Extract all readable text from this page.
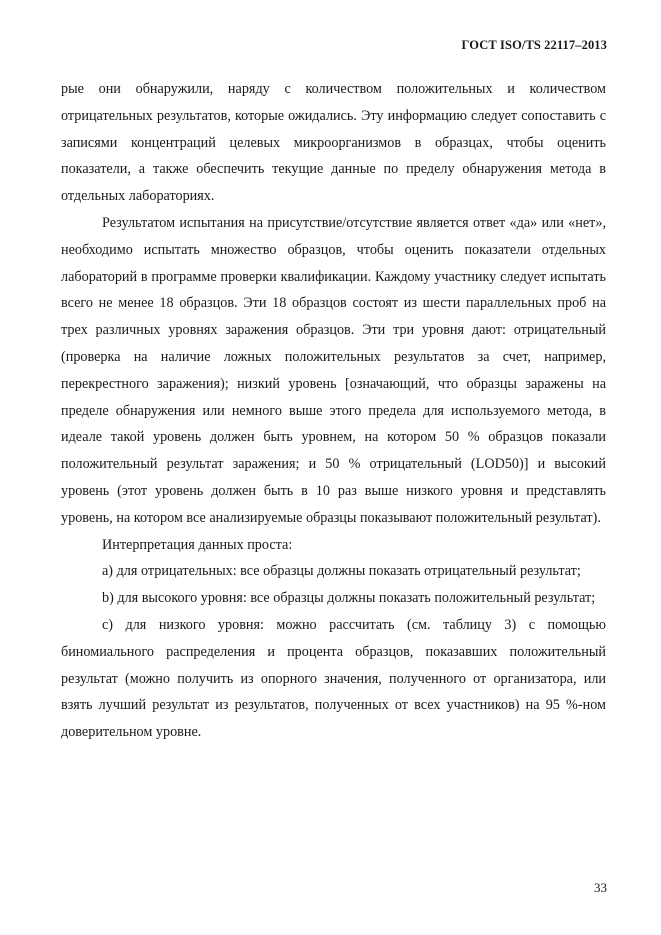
ГОСТ ISO/TS 22117–2013

рые они обнаружили, наряду с количеством положительных и количеством отрицательных результатов, которые ожидались. Эту информацию следует сопоставить с записями концентраций целевых микроорганизмов в образцах, чтобы оценить показатели, а также обеспечить текущие данные по пределу обнаружения метода в отдельных лабораториях.

Результатом испытания на присутствие/отсутствие является ответ «да» или «нет», необходимо испытать множество образцов, чтобы оценить показатели отдельных лабораторий в программе проверки квалификации. Каждому участнику следует испытать всего не менее 18 образцов. Эти 18 образцов состоят из шести параллельных проб на трех различных уровнях заражения образцов. Эти три уровня дают: отрицательный (проверка на наличие ложных положительных результатов за счет, например, перекрестного заражения); низкий уровень [означающий, что образцы заражены на пределе обнаружения или немного выше этого предела для используемого метода, в идеале такой уровень должен быть уровнем, на котором 50 % образцов показали положительный результат заражения; и 50 % отрицательный (LOD50)] и высокий уровень (этот уровень должен быть в 10 раз выше низкого уровня и представлять уровень, на котором все анализируемые образцы показывают положительный результат).

Интерпретация данных проста:

a) для отрицательных: все образцы должны показать отрицательный результат;

b) для высокого уровня: все образцы должны показать положительный результат;

c) для низкого уровня: можно рассчитать (см. таблицу 3) с помощью биномиального распределения и процента образцов, показавших положительный результат (можно получить из опорного значения, полученного от организатора, или взять лучший результат из результатов, полученных от всех участников) на 95 %-ном доверительном уровне.

33
